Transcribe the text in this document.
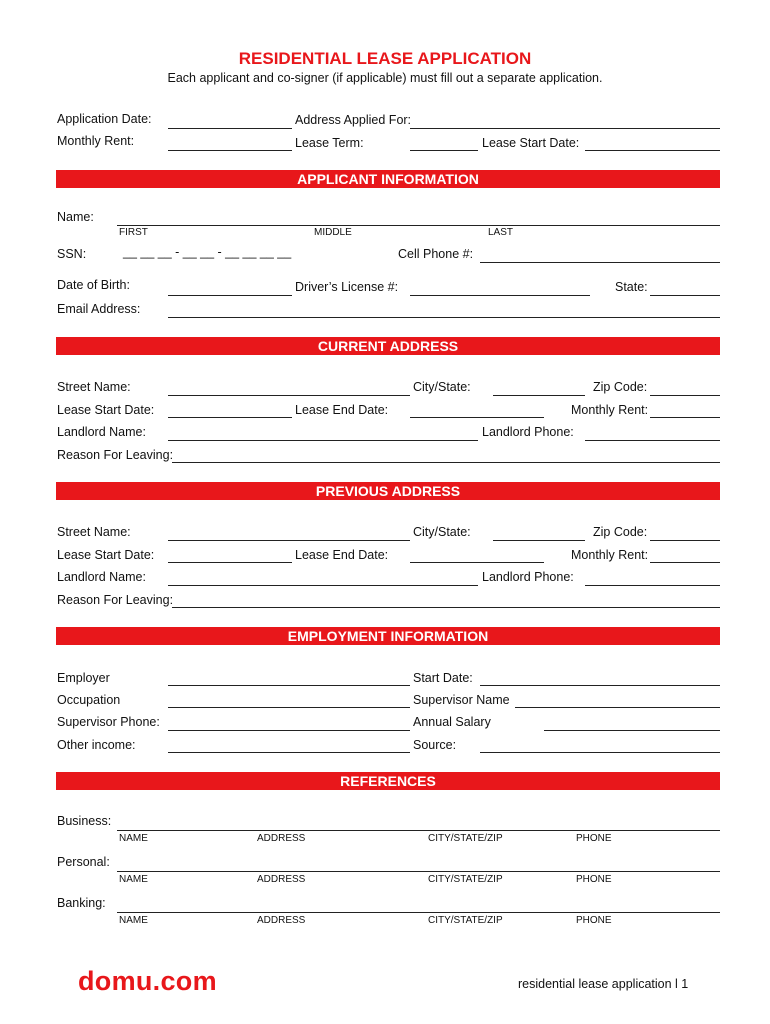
RESIDENTIAL LEASE APPLICATION
Each applicant and co-signer (if applicable) must fill out a separate application.
Application Date:	Address Applied For:
Monthly Rent:	Lease Term:	Lease Start Date:
APPLICANT INFORMATION
Name:
FIRST	MIDDLE	LAST
SSN:	__ __ __ - __ __ - __ __ __ __	Cell Phone #:
Date of Birth:	Driver’s License #:	State:
Email Address:
CURRENT ADDRESS
Street Name:	City/State:	Zip Code:
Lease Start Date:	Lease End Date:	Monthly Rent:
Landlord Name:	Landlord Phone:
Reason For Leaving:
PREVIOUS ADDRESS
Street Name:	City/State:	Zip Code:
Lease Start Date:	Lease End Date:	Monthly Rent:
Landlord Name:	Landlord Phone:
Reason For Leaving:
EMPLOYMENT INFORMATION
Employer	Start Date:
Occupation	Supervisor Name
Supervisor Phone:	Annual Salary
Other income:	Source:
REFERENCES
Business:
NAME	ADDRESS	CITY/STATE/ZIP	PHONE
Personal:
NAME	ADDRESS	CITY/STATE/ZIP	PHONE
Banking:
NAME	ADDRESS	CITY/STATE/ZIP	PHONE
domu.com	residential lease application l 1
